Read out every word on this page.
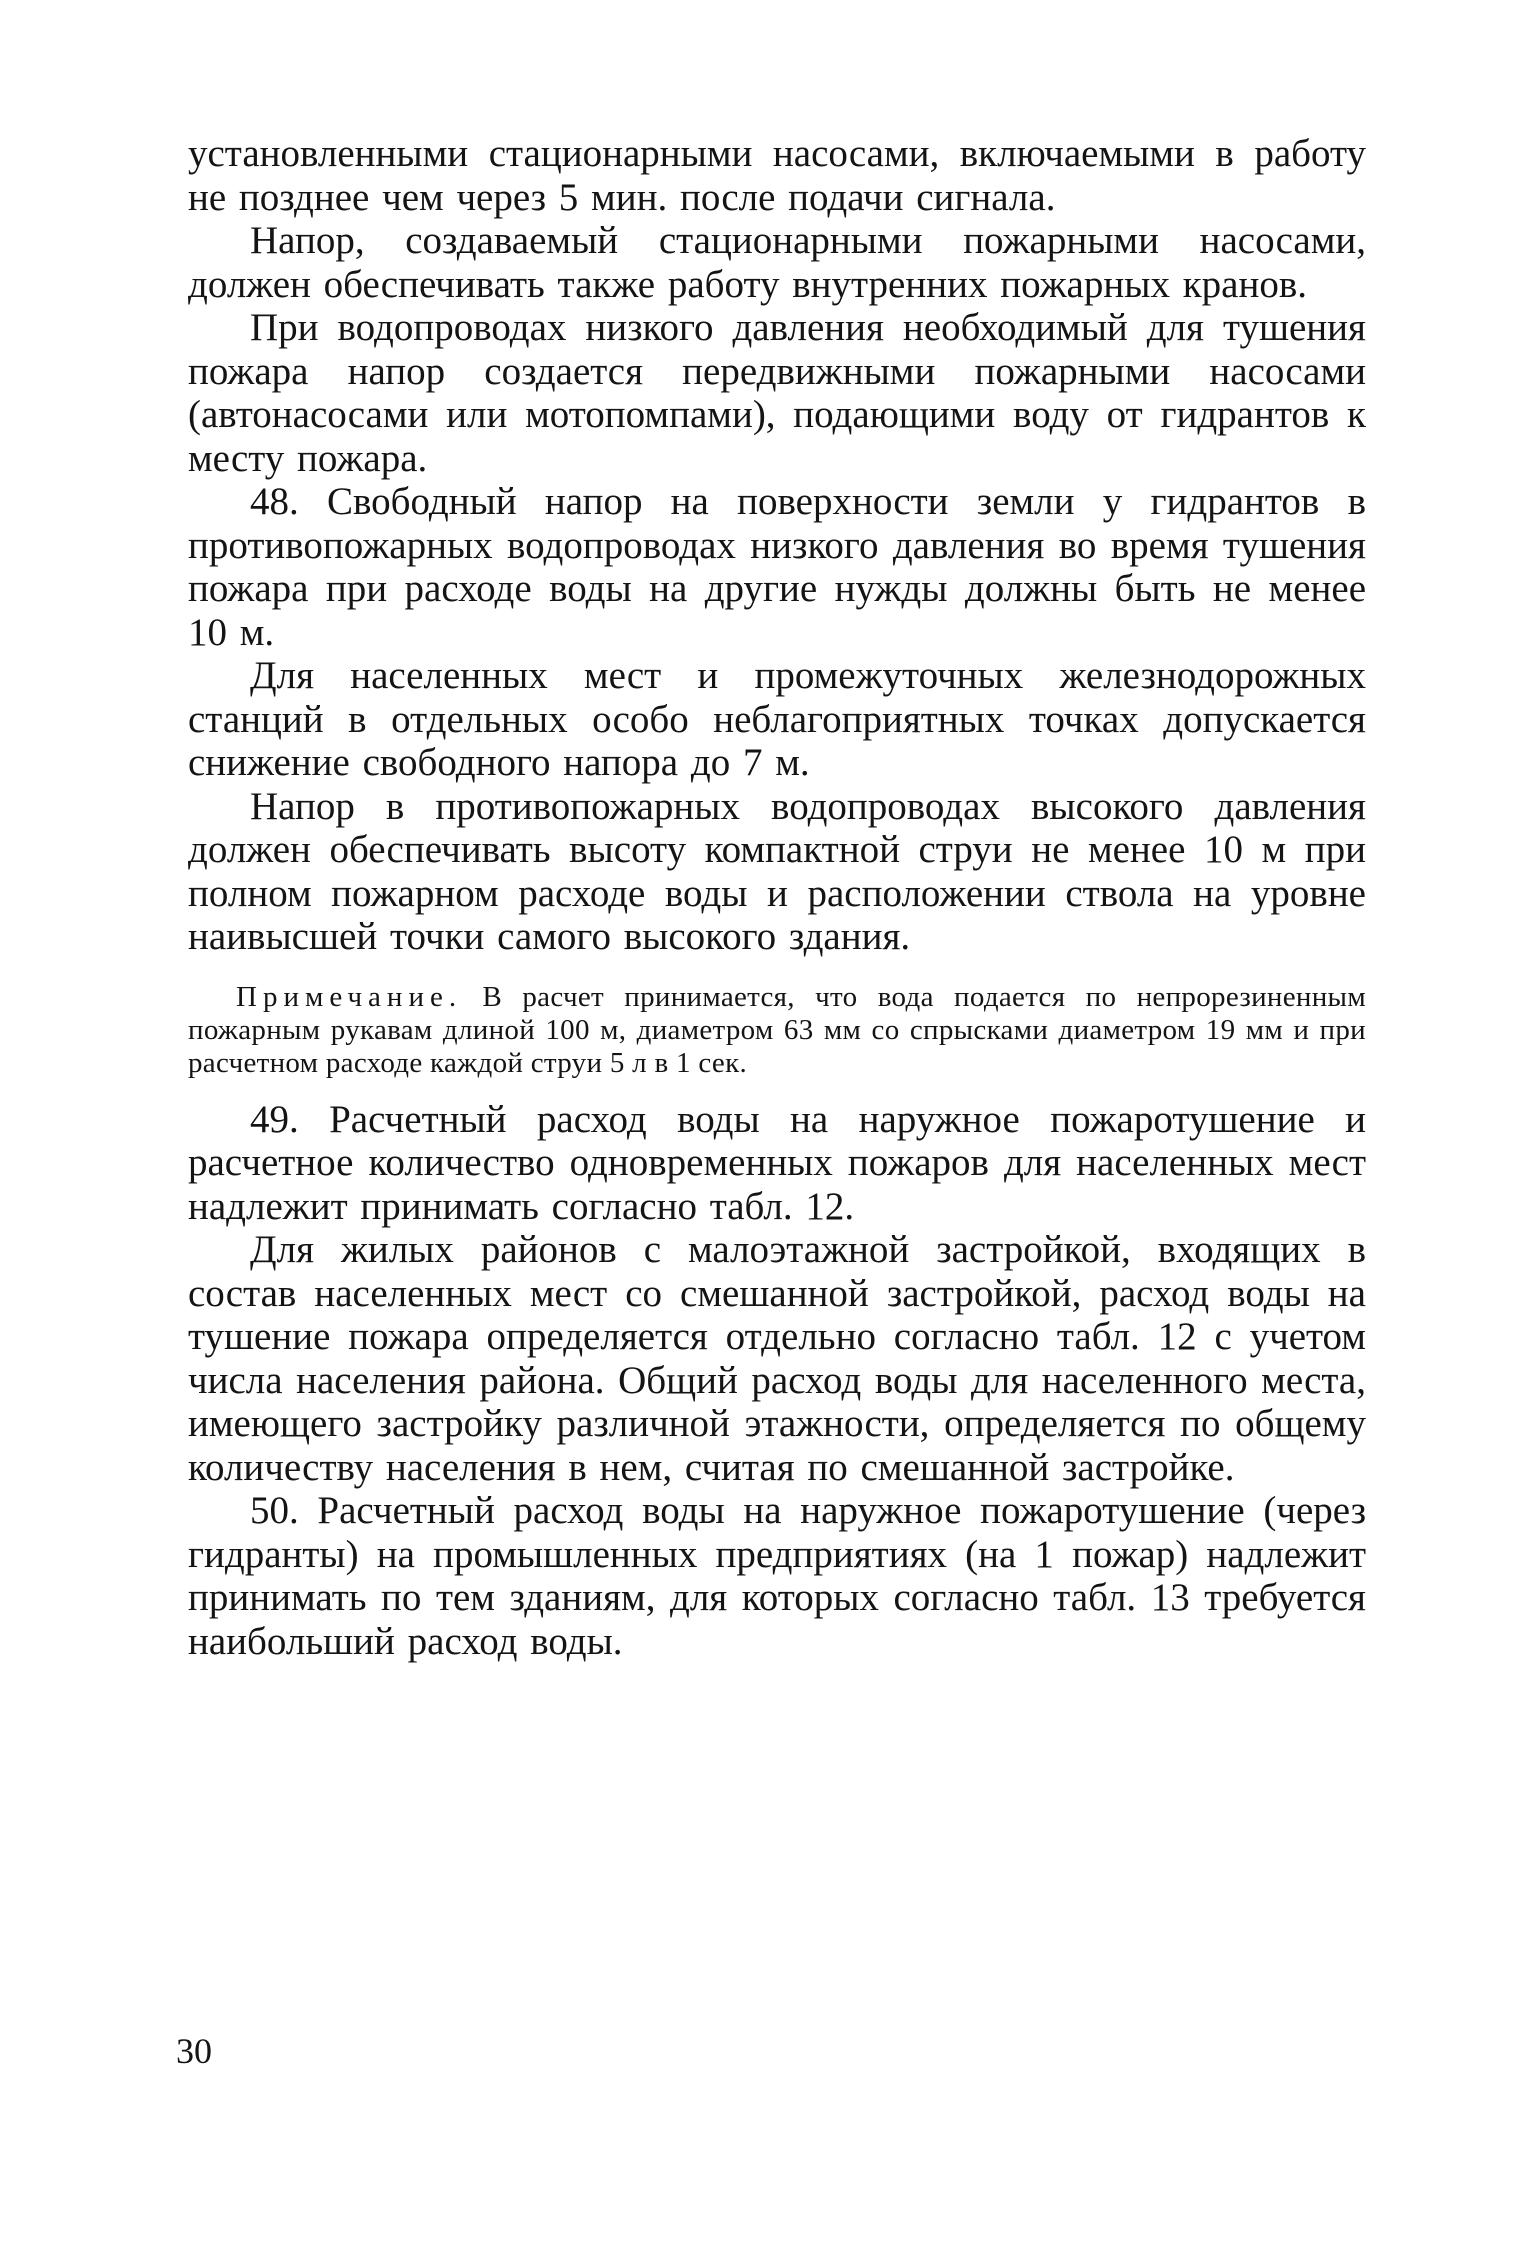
установленными стационарными насосами, включаемыми в работу не позднее чем через 5 мин. после подачи сигнала.

Напор, создаваемый стационарными пожарными насосами, должен обеспечивать также работу внутренних пожарных кранов.

При водопроводах низкого давления необходимый для тушения пожара напор создается передвижными пожарными насосами (автонасосами или мотопомпами), подающими воду от гидрантов к месту пожара.

48. Свободный напор на поверхности земли у гидрантов в противопожарных водопроводах низкого давления во время тушения пожара при расходе воды на другие нужды должны быть не менее 10 м.

Для населенных мест и промежуточных железнодорожных станций в отдельных особо неблагоприятных точках допускается снижение свободного напора до 7 м.

Напор в противопожарных водопроводах высокого давления должен обеспечивать высоту компактной струи не менее 10 м при полном пожарном расходе воды и расположении ствола на уровне наивысшей точки самого высокого здания.

Примечание. В расчет принимается, что вода подается по непрорезиненным пожарным рукавам длиной 100 м, диаметром 63 мм со спрысками диаметром 19 мм и при расчетном расходе каждой струи 5 л в 1 сек.

49. Расчетный расход воды на наружное пожаротушение и расчетное количество одновременных пожаров для населенных мест надлежит принимать согласно табл. 12.

Для жилых районов с малоэтажной застройкой, входящих в состав населенных мест со смешанной застройкой, расход воды на тушение пожара определяется отдельно согласно табл. 12 с учетом числа населения района. Общий расход воды для населенного места, имеющего застройку различной этажности, определяется по общему количеству населения в нем, считая по смешанной застройке.

50. Расчетный расход воды на наружное пожаротушение (через гидранты) на промышленных предприятиях (на 1 пожар) надлежит принимать по тем зданиям, для которых согласно табл. 13 требуется наибольший расход воды.

30
